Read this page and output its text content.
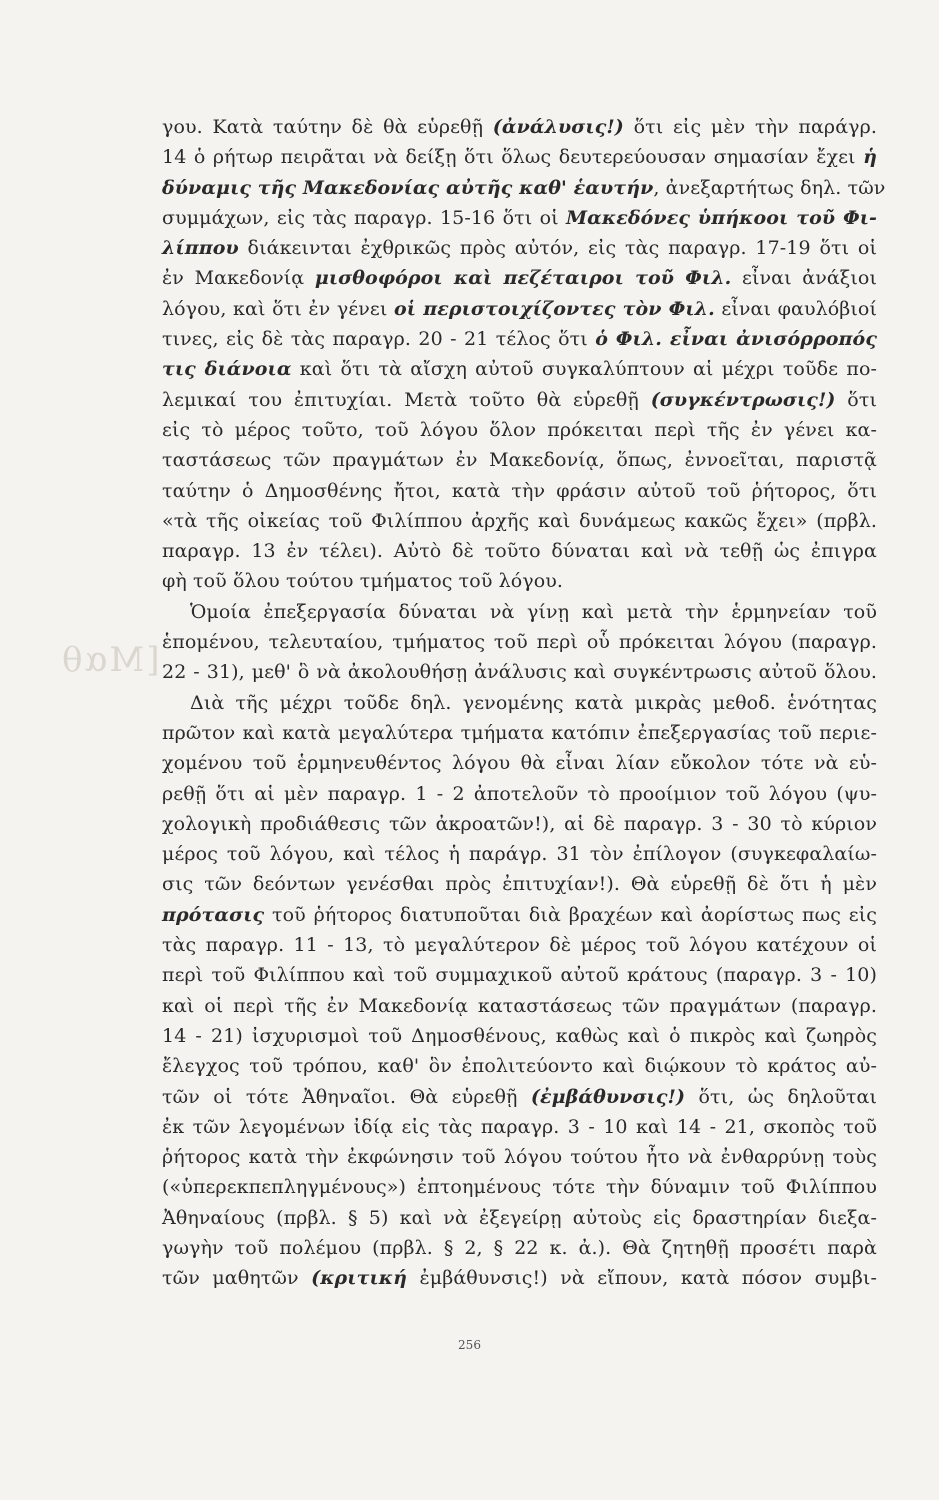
[Μαθ
γου. Κατὰ ταύτην δὲ θὰ εὑρεθῇ (ἀνάλυσις!) ὅτι εἰς μὲν τὴν παράγρ.
14 ὁ ρήτωρ πειρᾶται νὰ δείξῃ ὅτι ὅλως δευτερεύουσαν σημασίαν ἔχει ἡ
δύναμις τῆς Μακεδονίας αὐτῆς καθ' ἑαυτήν, ἀνεξαρτήτως δηλ. τῶν
συμμάχων, εἰς τὰς παραγρ. 15-16 ὅτι οἱ Μακεδόνες ὑπήκοοι τοῦ Φι-
λίππου διάκεινται ἐχθρικῶς πρὸς αὐτόν, εἰς τὰς παραγρ. 17-19 ὅτι οἱ
ἐν Μακεδονίᾳ μισθοφόροι καὶ πεζέταιροι τοῦ Φιλ. εἶναι ἀνάξιοι
λόγου, καὶ ὅτι ἐν γένει οἱ περιστοιχίζοντες τὸν Φιλ. εἶναι φαυλόβιοί
τινες, εἰς δὲ τὰς παραγρ. 20 - 21 τέλος ὅτι ὁ Φιλ. εἶναι ἀνισόρροπός
τις διάνοια καὶ ὅτι τὰ αἴσχη αὐτοῦ συγκαλύπτουν αἱ μέχρι τοῦδε πο-
λεμικαί του ἐπιτυχίαι. Μετὰ τοῦτο θὰ εὑρεθῇ (συγκέντρωσις!) ὅτι
εἰς τὸ μέρος τοῦτο, τοῦ λόγου ὅλον πρόκειται περὶ τῆς ἐν γένει κα-
ταστάσεως τῶν πραγμάτων ἐν Μακεδονίᾳ, ὅπως, ἐννοεῖται, παριστᾷ
ταύτην ὁ Δημοσθένης ἤτοι, κατὰ τὴν φράσιν αὐτοῦ τοῦ ῥήτορος, ὅτι
«τὰ τῆς οἰκείας τοῦ Φιλίππου ἀρχῆς καὶ δυνάμεως κακῶς ἔχει» (πρβλ.
παραγρ. 13 ἐν τέλει). Αὐτὸ δὲ τοῦτο δύναται καὶ νὰ τεθῇ ὡς ἐπιγρα
φὴ τοῦ ὅλου τούτου τμήματος τοῦ λόγου.
Ὁμοία ἐπεξεργασία δύναται νὰ γίνῃ καὶ μετὰ τὴν ἑρμηνείαν τοῦ
ἑπομένου, τελευταίου, τμήματος τοῦ περὶ οὗ πρόκειται λόγου (παραγρ.
22 - 31), μεθ' ὃ νὰ ἀκολουθήσῃ ἀνάλυσις καὶ συγκέντρωσις αὐτοῦ ὅλου.
Διὰ τῆς μέχρι τοῦδε δηλ. γενομένης κατὰ μικρὰς μεθοδ. ἑνότητας
πρῶτον καὶ κατὰ μεγαλύτερα τμήματα κατόπιν ἐπεξεργασίας τοῦ περιε-
χομένου τοῦ ἑρμηνευθέντος λόγου θὰ εἶναι λίαν εὔκολον τότε νὰ εὑ-
ρεθῇ ὅτι αἱ μὲν παραγρ. 1 - 2 ἀποτελοῦν τὸ προοίμιον τοῦ λόγου (ψυ-
χολογικὴ προδιάθεσις τῶν ἀκροατῶν!), αἱ δὲ παραγρ. 3 - 30 τὸ κύριον
μέρος τοῦ λόγου, καὶ τέλος ἡ παράγρ. 31 τὸν ἐπίλογον (συγκεφαλαίω-
σις τῶν δεόντων γενέσθαι πρὸς ἐπιτυχίαν!). Θὰ εὑρεθῇ δὲ ὅτι ἡ μὲν
πρότασις τοῦ ῥήτορος διατυποῦται διὰ βραχέων καὶ ἀορίστως πως εἰς
τὰς παραγρ. 11 - 13, τὸ μεγαλύτερον δὲ μέρος τοῦ λόγου κατέχουν οἱ
περὶ τοῦ Φιλίππου καὶ τοῦ συμμαχικοῦ αὐτοῦ κράτους (παραγρ. 3 - 10)
καὶ οἱ περὶ τῆς ἐν Μακεδονίᾳ καταστάσεως τῶν πραγμάτων (παραγρ.
14 - 21) ἰσχυρισμοὶ τοῦ Δημοσθένους, καθὼς καὶ ὁ πικρὸς καὶ ζωηρὸς
ἔλεγχος τοῦ τρόπου, καθ' ὃν ἐπολιτεύοντο καὶ διῴκουν τὸ κράτος αὐ-
τῶν οἱ τότε Ἀθηναῖοι. Θὰ εὑρεθῇ (ἐμβάθυνσις!) ὅτι, ὡς δηλοῦται
ἐκ τῶν λεγομένων ἰδίᾳ εἰς τὰς παραγρ. 3 - 10 καὶ 14 - 21, σκοπὸς τοῦ
ῥήτορος κατὰ τὴν ἐκφώνησιν τοῦ λόγου τούτου ἦτο νὰ ἐνθαρρύνῃ τοὺς
(«ὑπερεκπεπληγμένους») ἐπτοημένους τότε τὴν δύναμιν τοῦ Φιλίππου
Ἀθηναίους (πρβλ. § 5) καὶ νὰ ἐξεγείρῃ αὐτοὺς εἰς δραστηρίαν διεξα-
γωγὴν τοῦ πολέμου (πρβλ. § 2, § 22 κ. ἀ.). Θὰ ζητηθῇ προσέτι παρὰ
τῶν μαθητῶν (κριτική ἐμβάθυνσις!) νὰ εἴπουν, κατὰ πόσον συμβι-
256
